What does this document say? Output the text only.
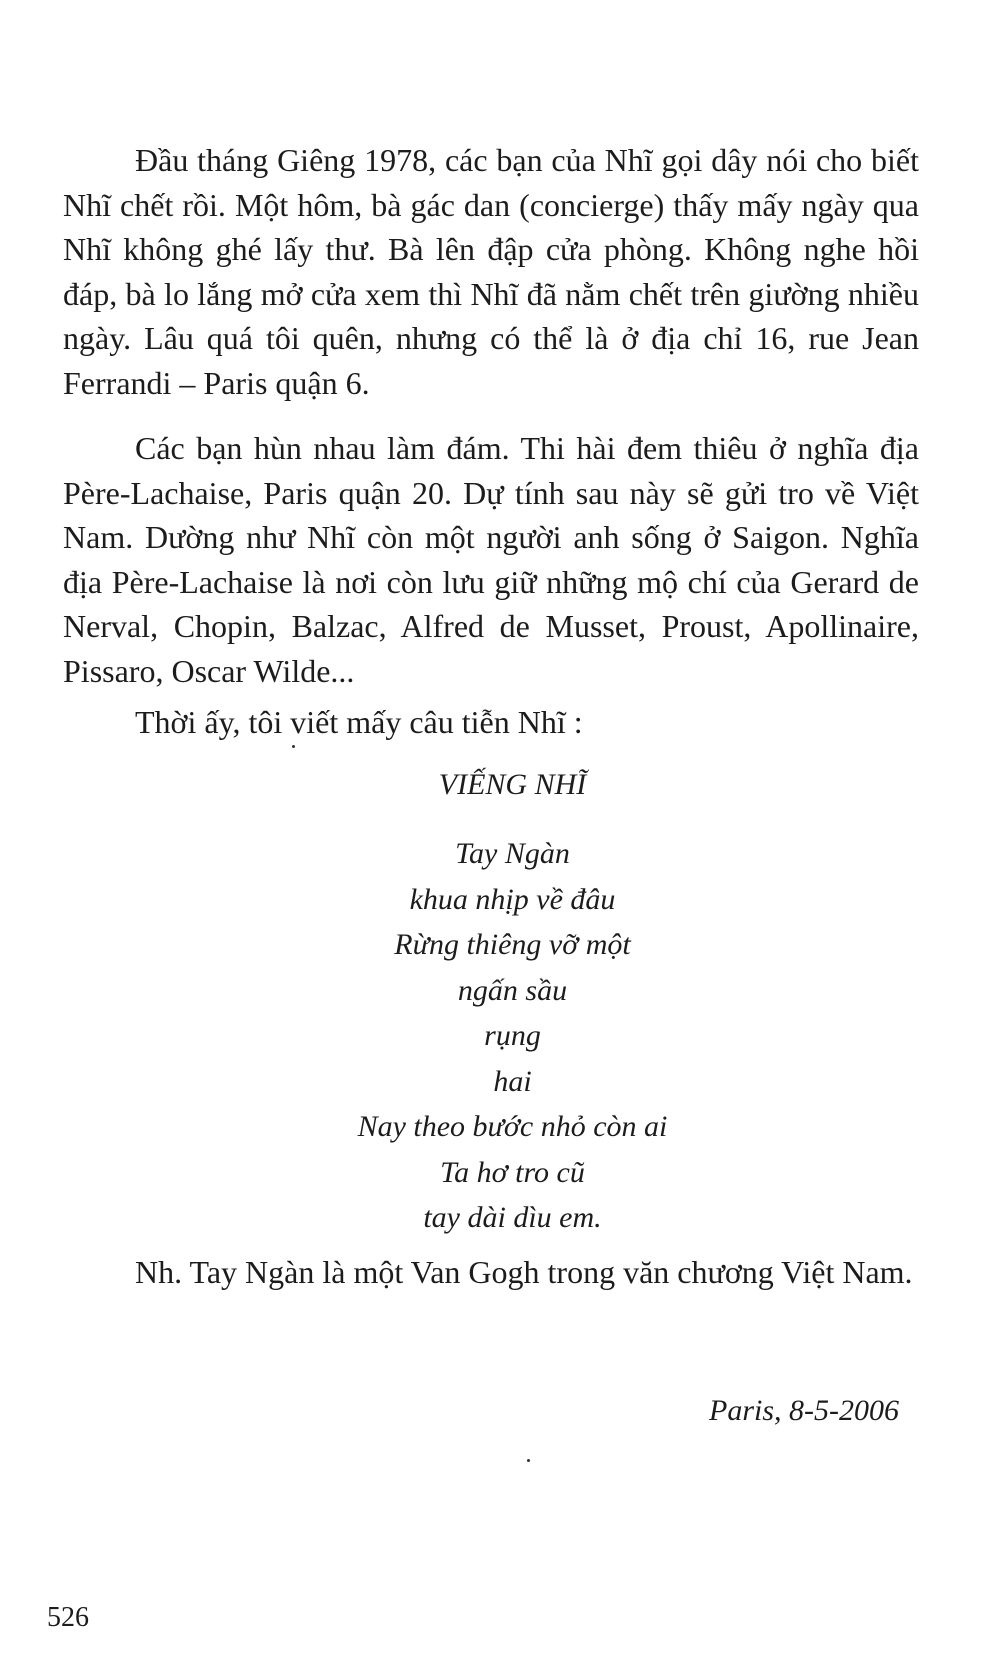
Đầu tháng Giêng 1978, các bạn của Nhĩ gọi dây nói cho biết Nhĩ chết rồi. Một hôm, bà gác dan (concierge) thấy mấy ngày qua Nhĩ không ghé lấy thư. Bà lên đập cửa phòng. Không nghe hồi đáp, bà lo lắng mở cửa xem thì Nhĩ đã nằm chết trên giường nhiều ngày. Lâu quá tôi quên, nhưng có thể là ở địa chỉ 16, rue Jean Ferrandi – Paris quận 6.

Các bạn hùn nhau làm đám. Thi hài đem thiêu ở nghĩa địa Père-Lachaise, Paris quận 20. Dự tính sau này sẽ gửi tro về Việt Nam. Dường như Nhĩ còn một người anh sống ở Saigon. Nghĩa địa Père-Lachaise là nơi còn lưu giữ những mộ chí của Gerard de Nerval, Chopin, Balzac, Alfred de Musset, Proust, Apollinaire, Pissaro, Oscar Wilde...

Thời ấy, tôi viết mấy câu tiễn Nhĩ :

VIẾNG NHĨ

Tay Ngàn
khua nhịp về đâu
Rừng thiêng vỡ một
ngấn sầu
rụng
hai
Nay theo bước nhỏ còn ai
Ta hơ tro cũ
tay dài dìu em.

Nh. Tay Ngàn là một Van Gogh trong văn chương Việt Nam.

Paris, 8-5-2006

526
